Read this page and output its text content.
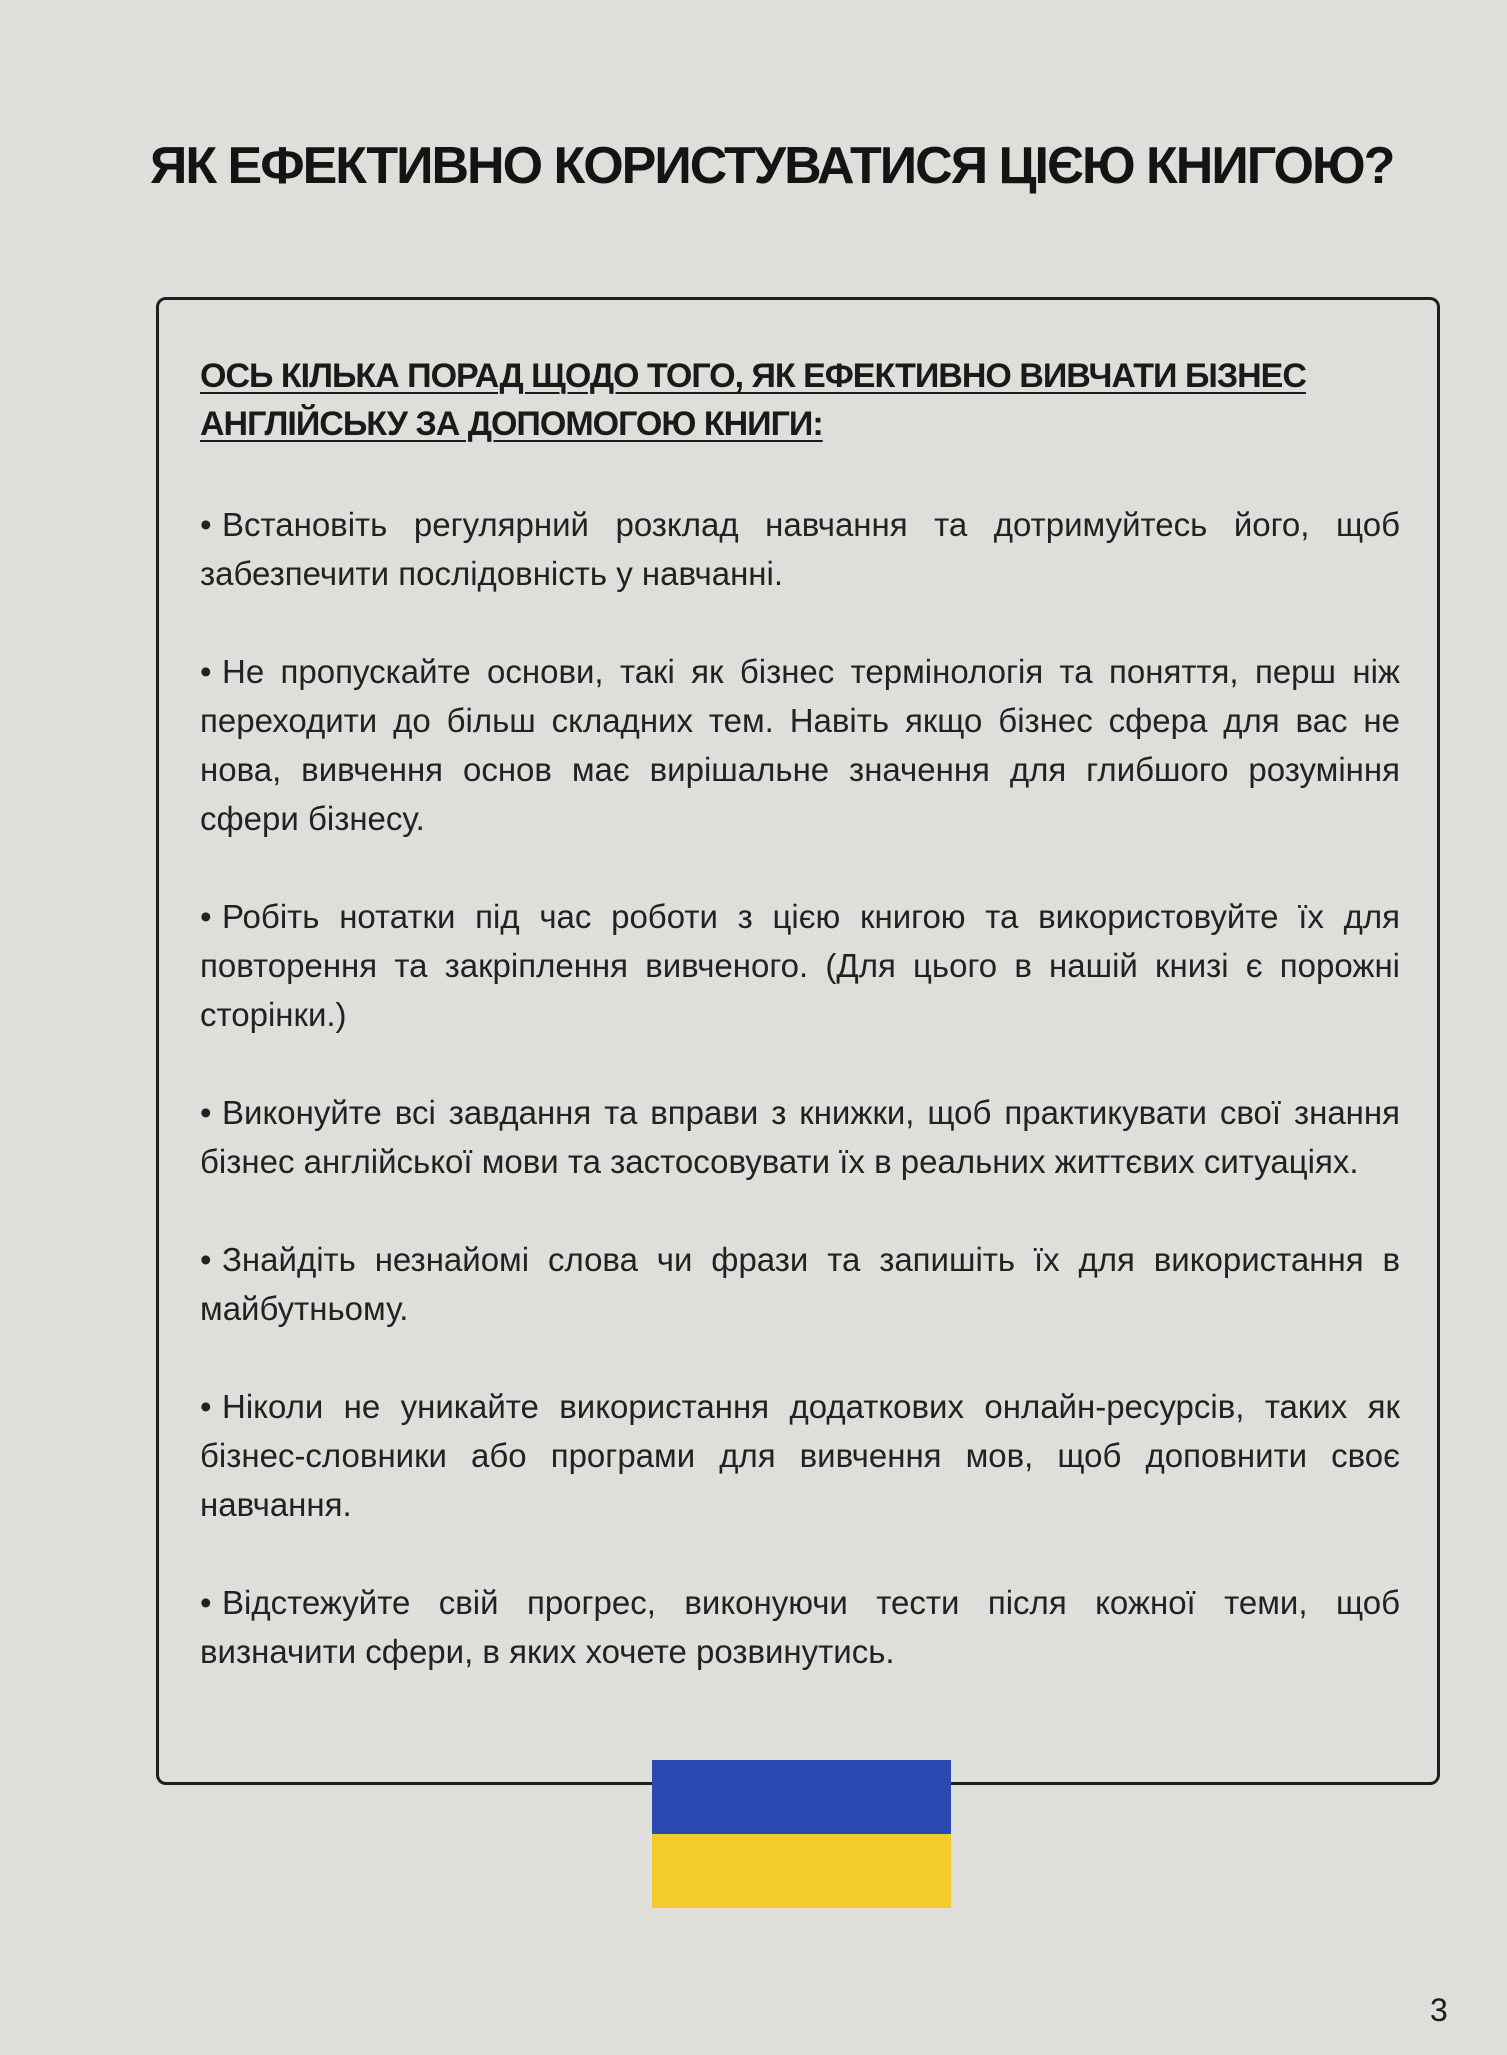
ЯК ЕФЕКТИВНО КОРИСТУВАТИСЯ ЦІЄЮ КНИГОЮ?
ОСЬ КІЛЬКА ПОРАД ЩОДО ТОГО, ЯК ЕФЕКТИВНО ВИВЧАТИ БІЗНЕС АНГЛІЙСЬКУ ЗА ДОПОМОГОЮ КНИГИ:
• Встановіть регулярний розклад навчання та дотримуйтесь його, щоб забезпечити послідовність у навчанні.
• Не пропускайте основи, такі як бізнес термінологія та поняття, перш ніж переходити до більш складних тем. Навіть якщо бізнес сфера для вас не нова, вивчення основ має вирішальне значення для глибшого розуміння сфери бізнесу.
• Робіть нотатки під час роботи з цією книгою та використовуйте їх для повторення та закріплення вивченого. (Для цього в нашій книзі є порожні сторінки.)
• Виконуйте всі завдання та вправи з книжки, щоб практикувати свої знання бізнес англійської мови та застосовувати їх в реальних життєвих ситуаціях.
• Знайдіть незнайомі слова чи фрази та запишіть їх для використання в майбутньому.
• Ніколи не уникайте використання додаткових онлайн-ресурсів, таких як бізнес-словники або програми для вивчення мов, щоб доповнити своє навчання.
• Відстежуйте свій прогрес, виконуючи тести після кожної теми, щоб визначити сфери, в яких хочете розвинутись.
3
